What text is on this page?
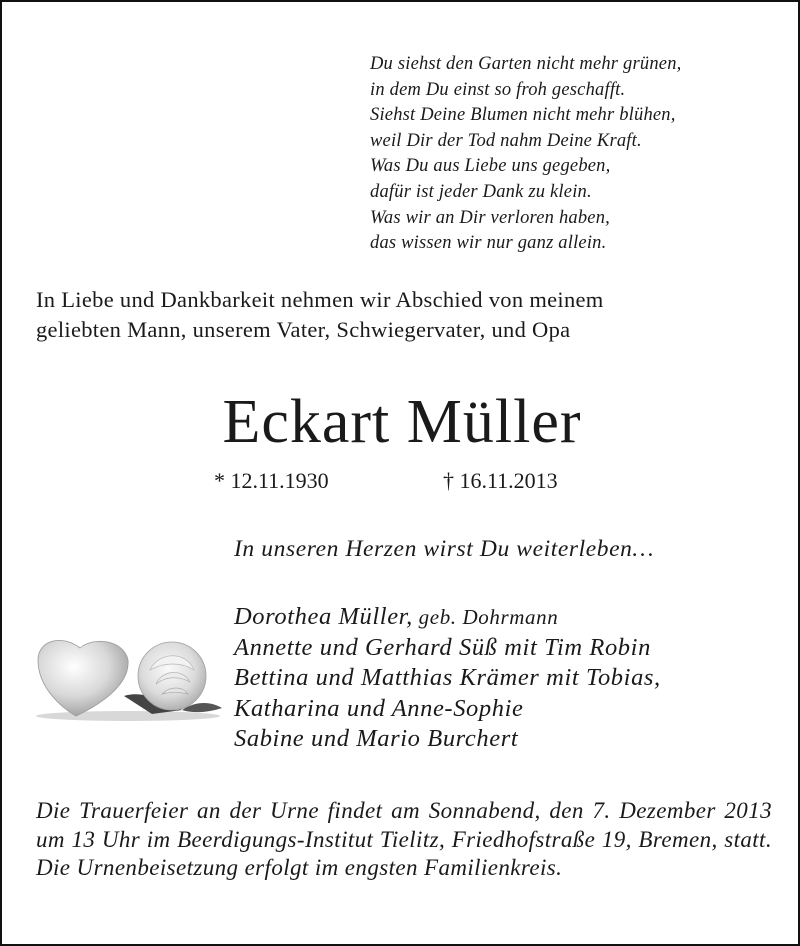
Du siehst den Garten nicht mehr grünen,
in dem Du einst so froh geschafft.
Siehst Deine Blumen nicht mehr blühen,
weil Dir der Tod nahm Deine Kraft.
Was Du aus Liebe uns gegeben,
dafür ist jeder Dank zu klein.
Was wir an Dir verloren haben,
das wissen wir nur ganz allein.
In Liebe und Dankbarkeit nehmen wir Abschied von meinem
geliebten Mann, unserem Vater, Schwiegervater, und Opa
Eckart Müller
* 12.11.1930	† 16.11.2013
In unseren Herzen wirst Du weiterleben…
Dorothea Müller, geb. Dohrmann
Annette und Gerhard Süß mit Tim Robin
Bettina und Matthias Krämer mit Tobias,
Katharina und Anne-Sophie
Sabine und Mario Burchert
Die Trauerfeier an der Urne findet am Sonnabend, den 7. Dezember 2013 um 13 Uhr im Beerdigungs-Institut Tielitz, Friedhofstraße 19, Bremen, statt. Die Urnenbeisetzung erfolgt im engsten Familienkreis.
